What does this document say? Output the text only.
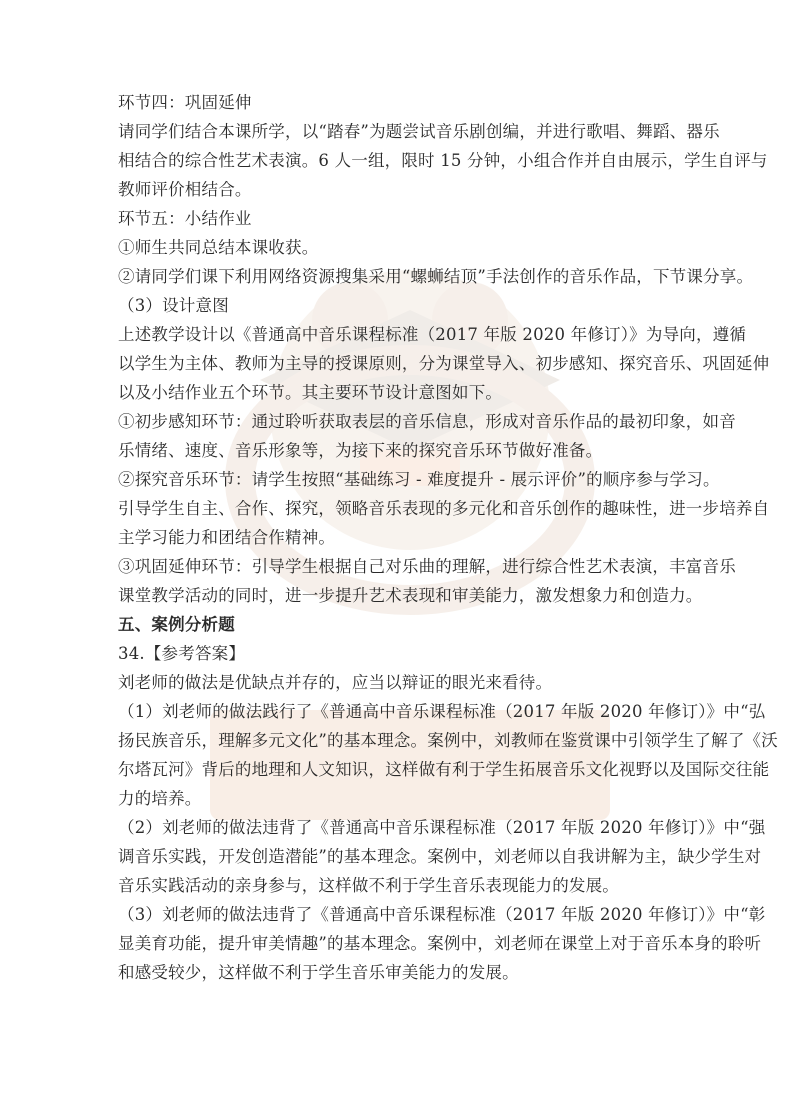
环节四：巩固延伸

请同学们结合本课所学，以“踏春”为题尝试音乐剧创编，并进行歌唱、舞蹈、器乐

相结合的综合性艺术表演。6 人一组，限时 15 分钟，小组合作并自由展示，学生自评与

教师评价相结合。

环节五：小结作业

①师生共同总结本课收获。

②请同学们课下利用网络资源搜集采用“螺蛳结顶”手法创作的音乐作品，下节课分享。

（3）设计意图

上述教学设计以《普通高中音乐课程标准（2017 年版 2020 年修订）》为导向，遵循

以学生为主体、教师为主导的授课原则，分为课堂导入、初步感知、探究音乐、巩固延伸

以及小结作业五个环节。其主要环节设计意图如下。

①初步感知环节：通过聆听获取表层的音乐信息，形成对音乐作品的最初印象，如音

乐情绪、速度、音乐形象等，为接下来的探究音乐环节做好准备。

②探究音乐环节：请学生按照“基础练习 - 难度提升 - 展示评价”的顺序参与学习。

引导学生自主、合作、探究，领略音乐表现的多元化和音乐创作的趣味性，进一步培养自

主学习能力和团结合作精神。

③巩固延伸环节：引导学生根据自己对乐曲的理解，进行综合性艺术表演，丰富音乐

课堂教学活动的同时，进一步提升艺术表现和审美能力，激发想象力和创造力。

五、案例分析题

34.【参考答案】

刘老师的做法是优缺点并存的，应当以辩证的眼光来看待。

（1）刘老师的做法践行了《普通高中音乐课程标准（2017 年版 2020 年修订）》中“弘

扬民族音乐，理解多元文化”的基本理念。案例中，刘教师在鉴赏课中引领学生了解了《沃

尔塔瓦河》背后的地理和人文知识，这样做有利于学生拓展音乐文化视野以及国际交往能

力的培养。

（2）刘老师的做法违背了《普通高中音乐课程标准（2017 年版 2020 年修订）》中“强

调音乐实践，开发创造潜能”的基本理念。案例中，刘老师以自我讲解为主，缺少学生对

音乐实践活动的亲身参与，这样做不利于学生音乐表现能力的发展。

（3）刘老师的做法违背了《普通高中音乐课程标准（2017 年版 2020 年修订）》中“彰

显美育功能，提升审美情趣”的基本理念。案例中，刘老师在课堂上对于音乐本身的聆听

和感受较少，这样做不利于学生音乐审美能力的发展。
